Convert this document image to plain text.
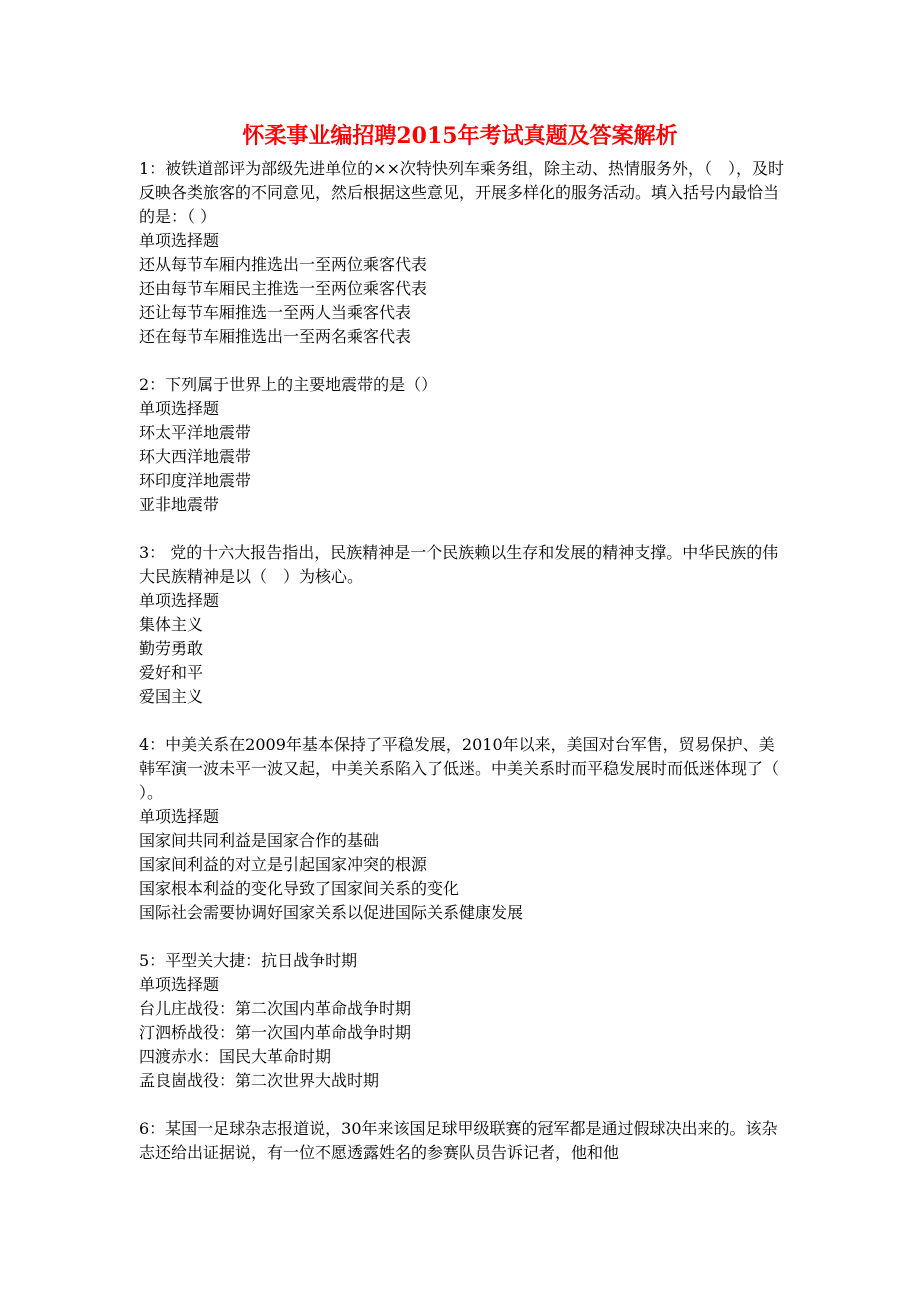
怀柔事业编招聘2015年考试真题及答案解析

1：被铁道部评为部级先进单位的××次特快列车乘务组，除主动、热情服务外，（　），及时反映各类旅客的不同意见，然后根据这些意见，开展多样化的服务活动。填入括号内最恰当的是：（ ）

单项选择题

还从每节车厢内推选出一至两位乘客代表

还由每节车厢民主推选一至两位乘客代表

还让每节车厢推选一至两人当乘客代表

还在每节车厢推选出一至两名乘客代表

2：下列属于世界上的主要地震带的是（）

单项选择题

环太平洋地震带

环大西洋地震带

环印度洋地震带

亚非地震带

3： 党的十六大报告指出，民族精神是一个民族赖以生存和发展的精神支撑。中华民族的伟大民族精神是以（　）为核心。

单项选择题

集体主义

勤劳勇敢

爱好和平

爱国主义

4：中美关系在2009年基本保持了平稳发展，2010年以来，美国对台军售，贸易保护、美韩军演一波未平一波又起，中美关系陷入了低迷。中美关系时而平稳发展时而低迷体现了（ ）。

单项选择题

国家间共同利益是国家合作的基础

国家间利益的对立是引起国家冲突的根源

国家根本利益的变化导致了国家间关系的变化

国际社会需要协调好国家关系以促进国际关系健康发展

5：平型关大捷：抗日战争时期

单项选择题

台儿庄战役：第二次国内革命战争时期

汀泗桥战役：第一次国内革命战争时期

四渡赤水：国民大革命时期

孟良崮战役：第二次世界大战时期

6：某国一足球杂志报道说，30年来该国足球甲级联赛的冠军都是通过假球决出来的。该杂志还给出证据说，有一位不愿透露姓名的参赛队员告诉记者，他和他
